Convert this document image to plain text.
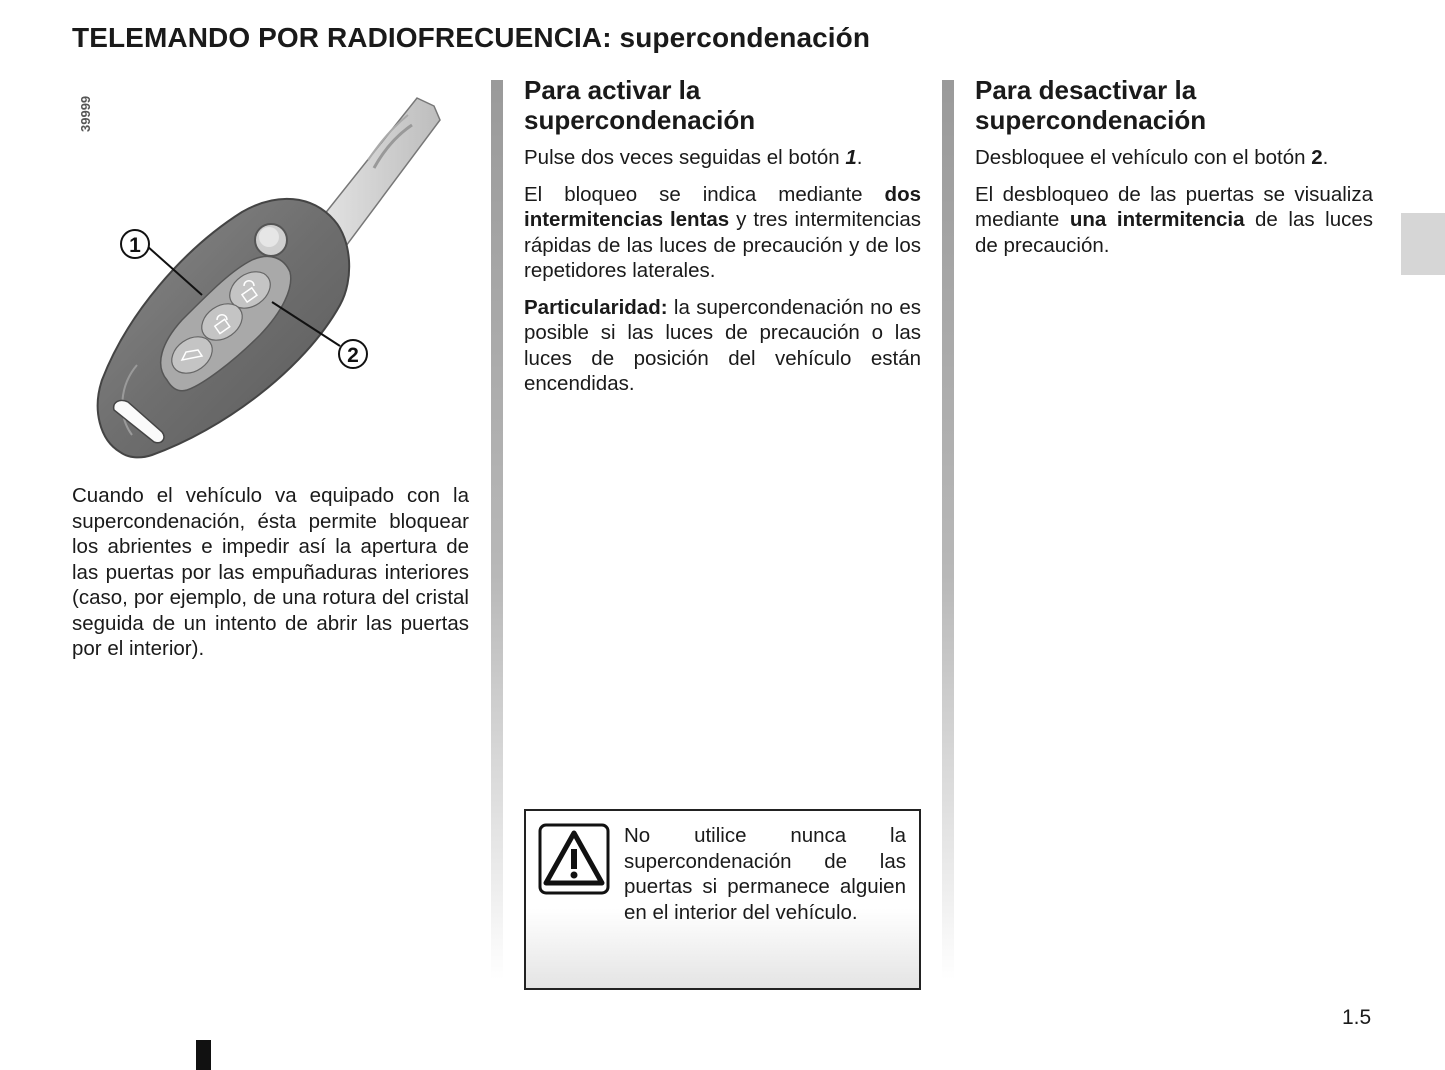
TELEMANDO POR RADIOFRECUENCIA: supercondenación
1
2
39999

Cuando el vehículo va equipado con la supercondenación, ésta permite bloquear los abrientes e impedir así la apertura de las puertas por las empuñaduras interiores (caso, por ejemplo, de una rotura del cristal seguida de un intento de abrir las puertas por el interior).

Para activar la supercondenación

Pulse dos veces seguidas el botón 1.

El bloqueo se indica mediante dos intermitencias lentas y tres intermitencias rápidas de las luces de precaución y de los repetidores laterales.

Particularidad: la supercondenación no es posible si las luces de precaución o las luces de posición del vehículo están encendidas.

No utilice nunca la supercondenación de las puertas si permanece alguien en el interior del vehículo.
Para desactivar la supercondenación

Desbloquee el vehículo con el botón 2.

El desbloqueo de las puertas se visualiza mediante una intermitencia de las luces de precaución.

1.5
